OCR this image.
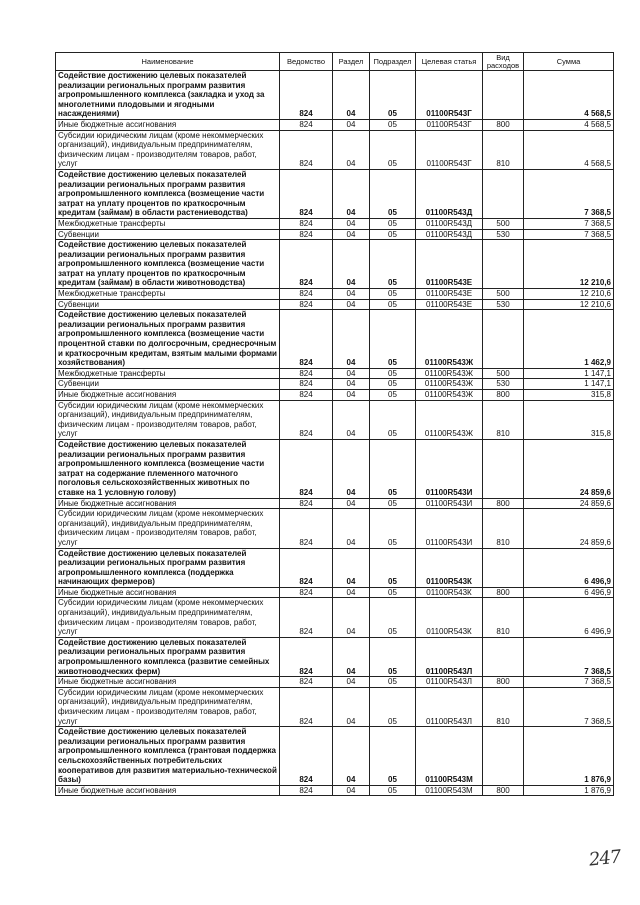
Наименование	Ведомство	Раздел	Подраздел	Целевая статья	Вид расходов	Сумма
Содействие достижению целевых показателей реализации региональных программ развития агропромышленного комплекса (закладка и уход за многолетними плодовыми и ягодными насаждениями)	824	04	05	01100R543Г		4 568,5
Иные бюджетные ассигнования	824	04	05	01100R543Г	800	4 568,5
Субсидии юридическим лицам (кроме некоммерческих организаций), индивидуальным предпринимателям, физическим лицам - производителям товаров, работ, услуг	824	04	05	01100R543Г	810	4 568,5
Содействие достижению целевых показателей реализации региональных программ развития агропромышленного комплекса (возмещение части затрат на уплату процентов по краткосрочным кредитам (займам) в области растениеводства)	824	04	05	01100R543Д		7 368,5
Межбюджетные трансферты	824	04	05	01100R543Д	500	7 368,5
Субвенции	824	04	05	01100R543Д	530	7 368,5
Содействие достижению целевых показателей реализации региональных программ развития агропромышленного комплекса (возмещение части затрат на уплату процентов по краткосрочным кредитам (займам) в области животноводства)	824	04	05	01100R543Е		12 210,6
Межбюджетные трансферты	824	04	05	01100R543Е	500	12 210,6
Субвенции	824	04	05	01100R543Е	530	12 210,6
Содействие достижению целевых показателей реализации региональных программ развития агропромышленного комплекса (возмещение части процентной ставки по долгосрочным, среднесрочным и краткосрочным кредитам, взятым малыми формами хозяйствования)	824	04	05	01100R543Ж		1 462,9
Межбюджетные трансферты	824	04	05	01100R543Ж	500	1 147,1
Субвенции	824	04	05	01100R543Ж	530	1 147,1
Иные бюджетные ассигнования	824	04	05	01100R543Ж	800	315,8
Субсидии юридическим лицам (кроме некоммерческих организаций), индивидуальным предпринимателям, физическим лицам - производителям товаров, работ, услуг	824	04	05	01100R543Ж	810	315,8
Содействие достижению целевых показателей реализации региональных программ развития агропромышленного комплекса (возмещение части затрат на содержание племенного маточного поголовья сельскохозяйственных животных по ставке на 1 условную голову)	824	04	05	01100R543И		24 859,6
Иные бюджетные ассигнования	824	04	05	01100R543И	800	24 859,6
Субсидии юридическим лицам (кроме некоммерческих организаций), индивидуальным предпринимателям, физическим лицам - производителям товаров, работ, услуг	824	04	05	01100R543И	810	24 859,6
Содействие достижению целевых показателей реализации региональных программ развития агропромышленного комплекса (поддержка начинающих фермеров)	824	04	05	01100R543К		6 496,9
Иные бюджетные ассигнования	824	04	05	01100R543К	800	6 496,9
Субсидии юридическим лицам (кроме некоммерческих организаций), индивидуальным предпринимателям, физическим лицам - производителям товаров, работ, услуг	824	04	05	01100R543К	810	6 496,9
Содействие достижению целевых показателей реализации региональных программ развития агропромышленного комплекса (развитие семейных животноводческих ферм)	824	04	05	01100R543Л		7 368,5
Иные бюджетные ассигнования	824	04	05	01100R543Л	800	7 368,5
Субсидии юридическим лицам (кроме некоммерческих организаций), индивидуальным предпринимателям, физическим лицам - производителям товаров, работ, услуг	824	04	05	01100R543Л	810	7 368,5
Содействие достижению целевых показателей реализации региональных программ развития агропромышленного комплекса (грантовая поддержка сельскохозяйственных потребительских кооперативов для развития материально-технической базы)	824	04	05	01100R543М		1 876,9
Иные бюджетные ассигнования	824	04	05	01100R543М	800	1 876,9
247
